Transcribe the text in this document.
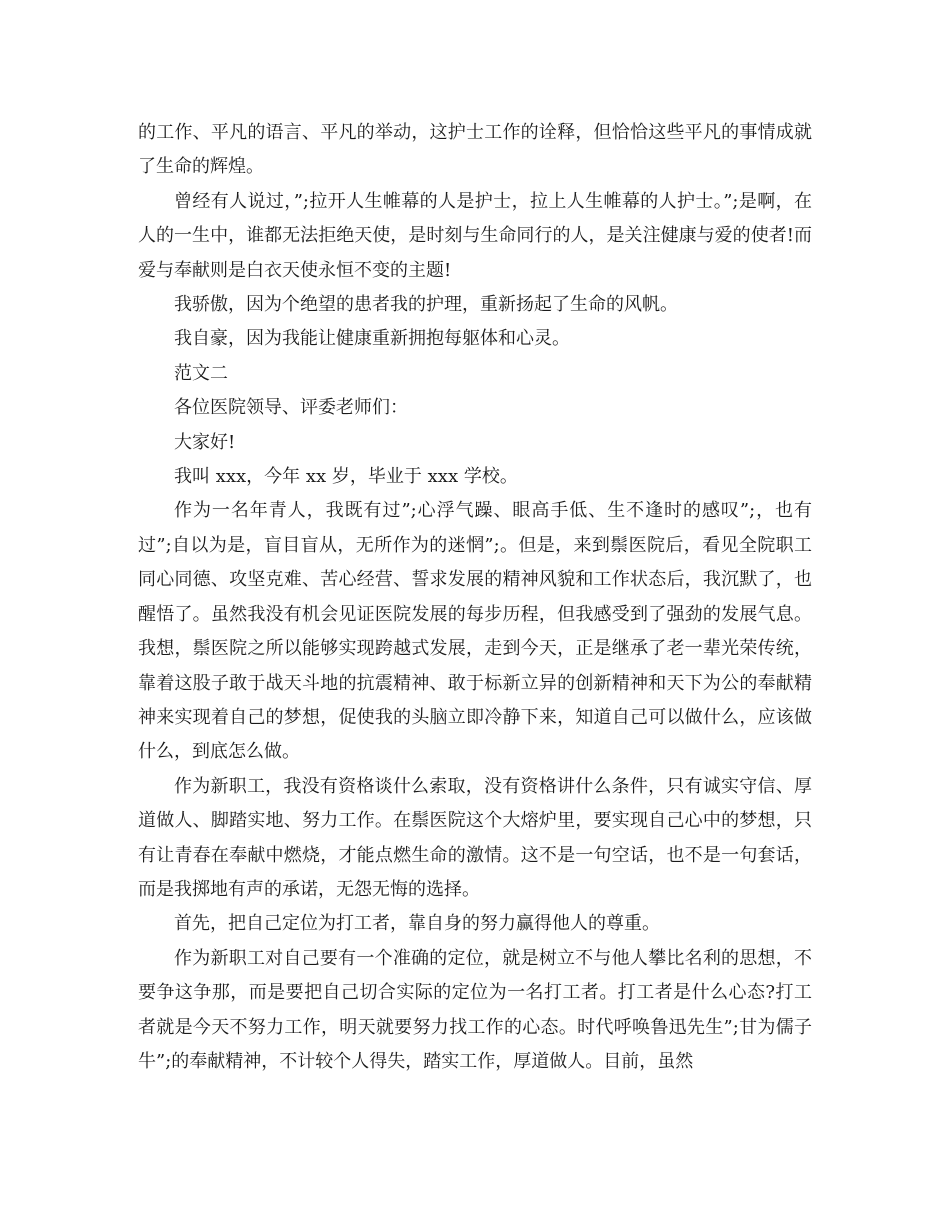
的工作、平凡的语言、平凡的举动，这护士工作的诠释，但恰恰这些平凡的事情成就了生命的辉煌。

曾经有人说过，”;拉开人生帷幕的人是护士，拉上人生帷幕的人护士。”;是啊，在人的一生中，谁都无法拒绝天使，是时刻与生命同行的人，是关注健康与爱的使者!而爱与奉献则是白衣天使永恒不变的主题!

我骄傲，因为个绝望的患者我的护理，重新扬起了生命的风帆。

我自豪，因为我能让健康重新拥抱每躯体和心灵。

范文二

各位医院领导、评委老师们：

大家好!

我叫 xxx，今年 xx 岁，毕业于 xxx 学校。

作为一名年青人，我既有过”;心浮气躁、眼高手低、生不逢时的感叹”;，也有过”;自以为是，盲目盲从，无所作为的迷惘”;。但是，来到鬃医院后，看见全院职工同心同德、攻坚克难、苦心经营、誓求发展的精神风貌和工作状态后，我沉默了，也醒悟了。虽然我没有机会见证医院发展的每步历程，但我感受到了强劲的发展气息。我想，鬃医院之所以能够实现跨越式发展，走到今天，正是继承了老一辈光荣传统，靠着这股子敢于战天斗地的抗震精神、敢于标新立异的创新精神和天下为公的奉献精神来实现着自己的梦想，促使我的头脑立即冷静下来，知道自己可以做什么，应该做什么，到底怎么做。

作为新职工，我没有资格谈什么索取，没有资格讲什么条件，只有诚实守信、厚道做人、脚踏实地、努力工作。在鬃医院这个大熔炉里，要实现自己心中的梦想，只有让青春在奉献中燃烧，才能点燃生命的激情。这不是一句空话，也不是一句套话，而是我掷地有声的承诺，无怨无悔的选择。

首先，把自己定位为打工者，靠自身的努力赢得他人的尊重。

作为新职工对自己要有一个准确的定位，就是树立不与他人攀比名利的思想，不要争这争那，而是要把自己切合实际的定位为一名打工者。打工者是什么心态?打工者就是今天不努力工作，明天就要努力找工作的心态。时代呼唤鲁迅先生”;甘为儒子牛”;的奉献精神，不计较个人得失，踏实工作，厚道做人。目前，虽然
